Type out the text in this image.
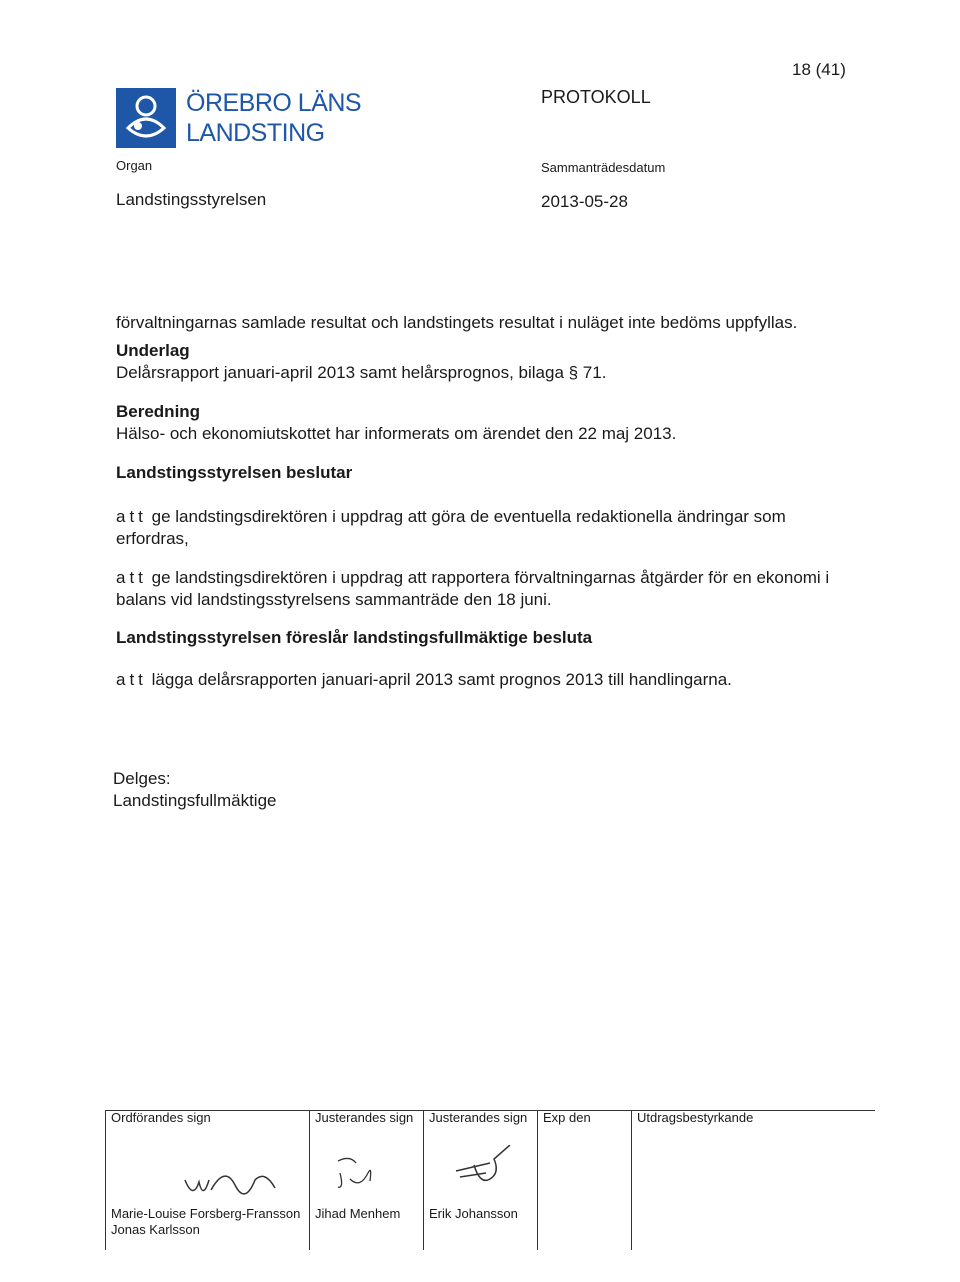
ÖREBRO LÄNS
LANDSTING
18 (41)
PROTOKOLL
Organ
Landstingsstyrelsen
Sammanträdesdatum
2013-05-28
förvaltningarnas samlade resultat och landstingets resultat i nuläget inte bedöms uppfyllas.
Underlag
Delårsrapport januari-april 2013 samt helårsprognos, bilaga § 71.
Beredning
Hälso- och ekonomiutskottet har informerats om ärendet den 22 maj 2013.
Landstingsstyrelsen beslutar
att ge landstingsdirektören i uppdrag att göra de eventuella redaktionella ändringar som
erfordras,
att ge landstingsdirektören i uppdrag att rapportera förvaltningarnas åtgärder för en ekonomi i
balans vid landstingsstyrelsens sammanträde den 18 juni.
Landstingsstyrelsen föreslår landstingsfullmäktige besluta
att lägga delårsrapporten januari-april 2013 samt prognos 2013 till handlingarna.
Delges:
Landstingsfullmäktige
Ordförandes sign	Justerandes sign Justerandes sign Exp den	Utdragsbestyrkande
Marie-Louise Forsberg-Fransson
Jonas Karlsson
Jihad Menhem Erik Johansson
